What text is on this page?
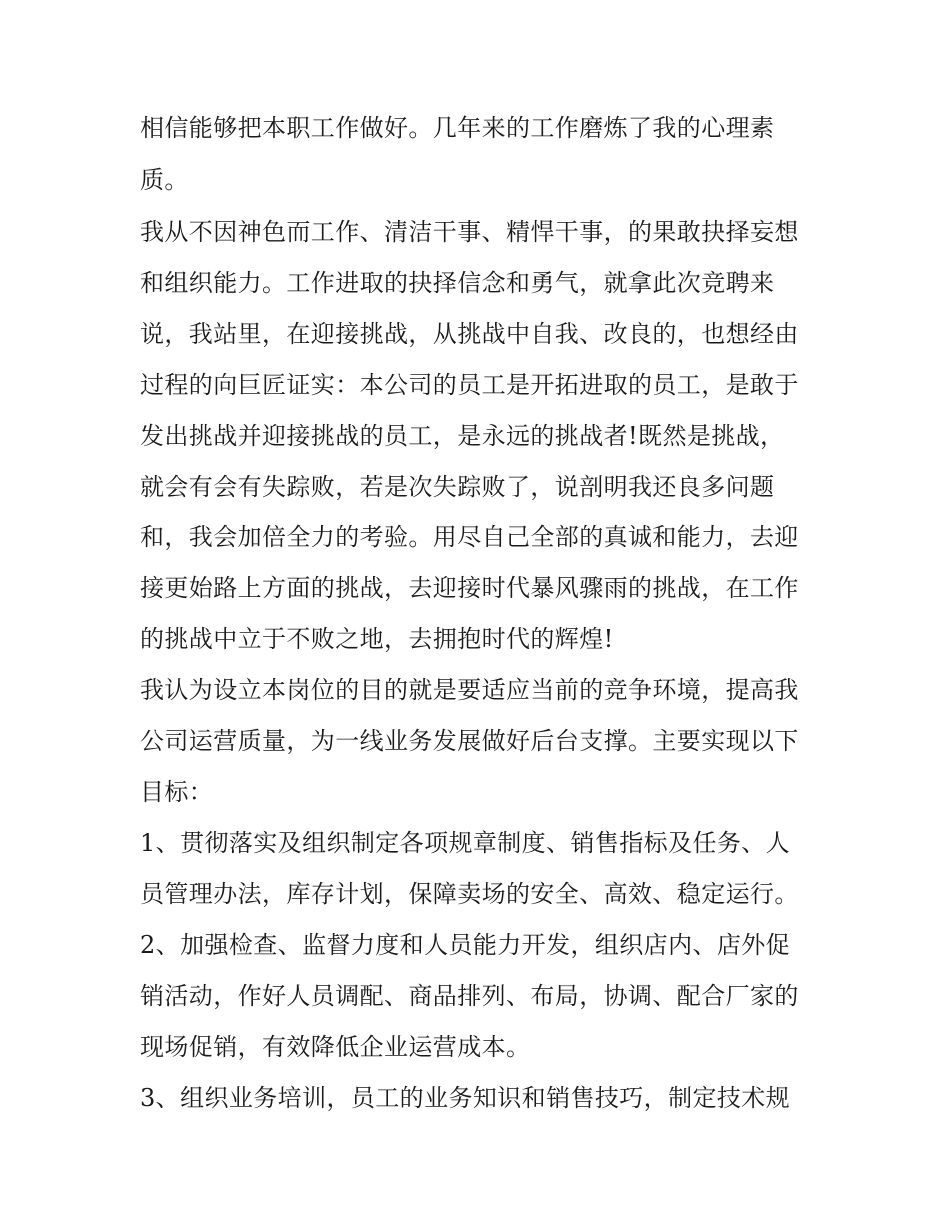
相信能够把本职工作做好。几年来的工作磨炼了我的心理素
质。
我从不因神色而工作、清洁干事、精悍干事，的果敢抉择妄想
和组织能力。工作进取的抉择信念和勇气，就拿此次竞聘来
说，我站里，在迎接挑战，从挑战中自我、改良的，也想经由
过程的向巨匠证实：本公司的员工是开拓进取的员工，是敢于
发出挑战并迎接挑战的员工，是永远的挑战者!既然是挑战，
就会有会有失踪败，若是次失踪败了，说剖明我还良多问题
和，我会加倍全力的考验。用尽自己全部的真诚和能力，去迎
接更始路上方面的挑战，去迎接时代暴风骤雨的挑战，在工作
的挑战中立于不败之地，去拥抱时代的辉煌!
我认为设立本岗位的目的就是要适应当前的竞争环境，提高我
公司运营质量，为一线业务发展做好后台支撑。主要实现以下
目标：
1、贯彻落实及组织制定各项规章制度、销售指标及任务、人
员管理办法，库存计划，保障卖场的安全、高效、稳定运行。
2、加强检查、监督力度和人员能力开发，组织店内、店外促
销活动，作好人员调配、商品排列、布局，协调、配合厂家的
现场促销，有效降低企业运营成本。
3、组织业务培训，员工的业务知识和销售技巧，制定技术规
